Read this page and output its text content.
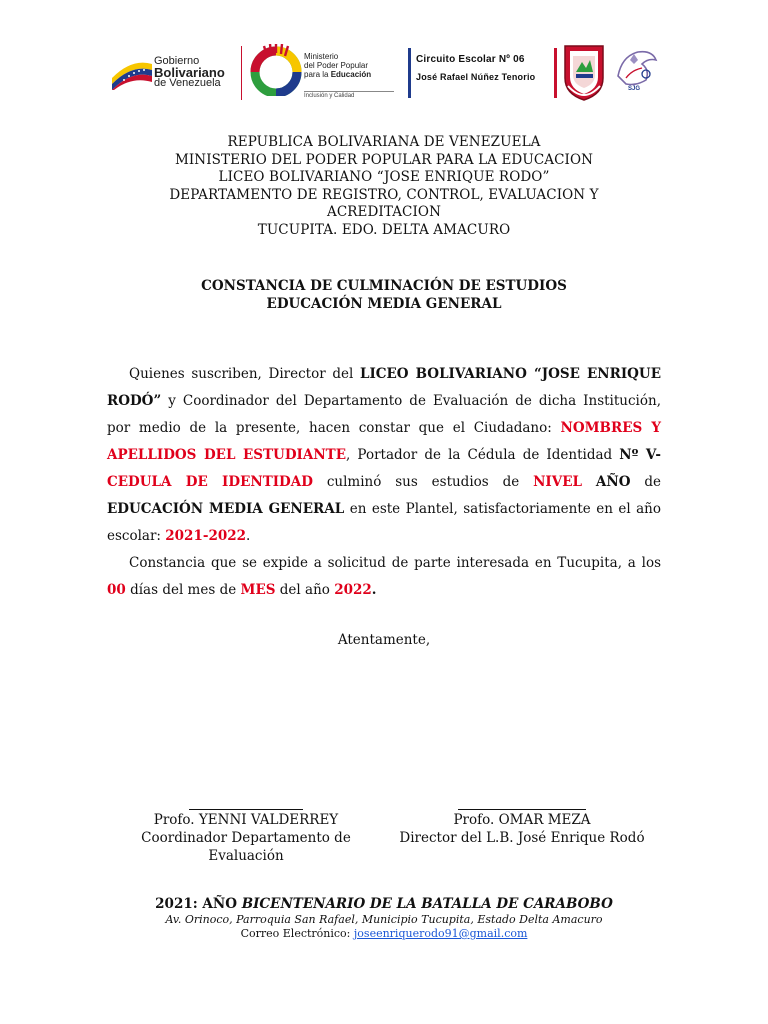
Gobierno
Bolivariano
de Venezuela
Ministerio
del Poder Popular
para la Educación
Inclusión y Calidad
Circuito Escolar Nº 06
José Rafael Núñez Tenorio
SJG
REPUBLICA BOLIVARIANA DE VENEZUELA
MINISTERIO DEL PODER POPULAR PARA LA EDUCACION
LICEO BOLIVARIANO “JOSE ENRIQUE RODO”
DEPARTAMENTO DE REGISTRO, CONTROL, EVALUACION Y
ACREDITACION
TUCUPITA. EDO. DELTA AMACURO
CONSTANCIA DE CULMINACIÓN DE ESTUDIOS
EDUCACIÓN MEDIA GENERAL

Quienes suscriben, Director del LICEO BOLIVARIANO “JOSE ENRIQUE RODÓ” y Coordinador del Departamento de Evaluación de dicha Institución, por medio de la presente, hacen constar que el Ciudadano: NOMBRES Y APELLIDOS DEL ESTUDIANTE, Portador de la Cédula de Identidad Nº V-CEDULA DE IDENTIDAD culminó sus estudios de NIVEL AÑO de EDUCACIÓN MEDIA GENERAL en este Plantel, satisfactoriamente en el año escolar: 2021-2022.

Constancia que se expide a solicitud de parte interesada en Tucupita, a los 00 días del mes de MES del año 2022.

Atentamente,
Profo. YENNI VALDERREY
Coordinador Departamento de Evaluación
Profo. OMAR MEZA
Director del L.B. José Enrique Rodó
2021: AÑO BICENTENARIO DE LA BATALLA DE CARABOBO
Av. Orinoco, Parroquia San Rafael, Municipio Tucupita, Estado Delta Amacuro
Correo Electrónico: joseenriquerodo91@gmail.com
